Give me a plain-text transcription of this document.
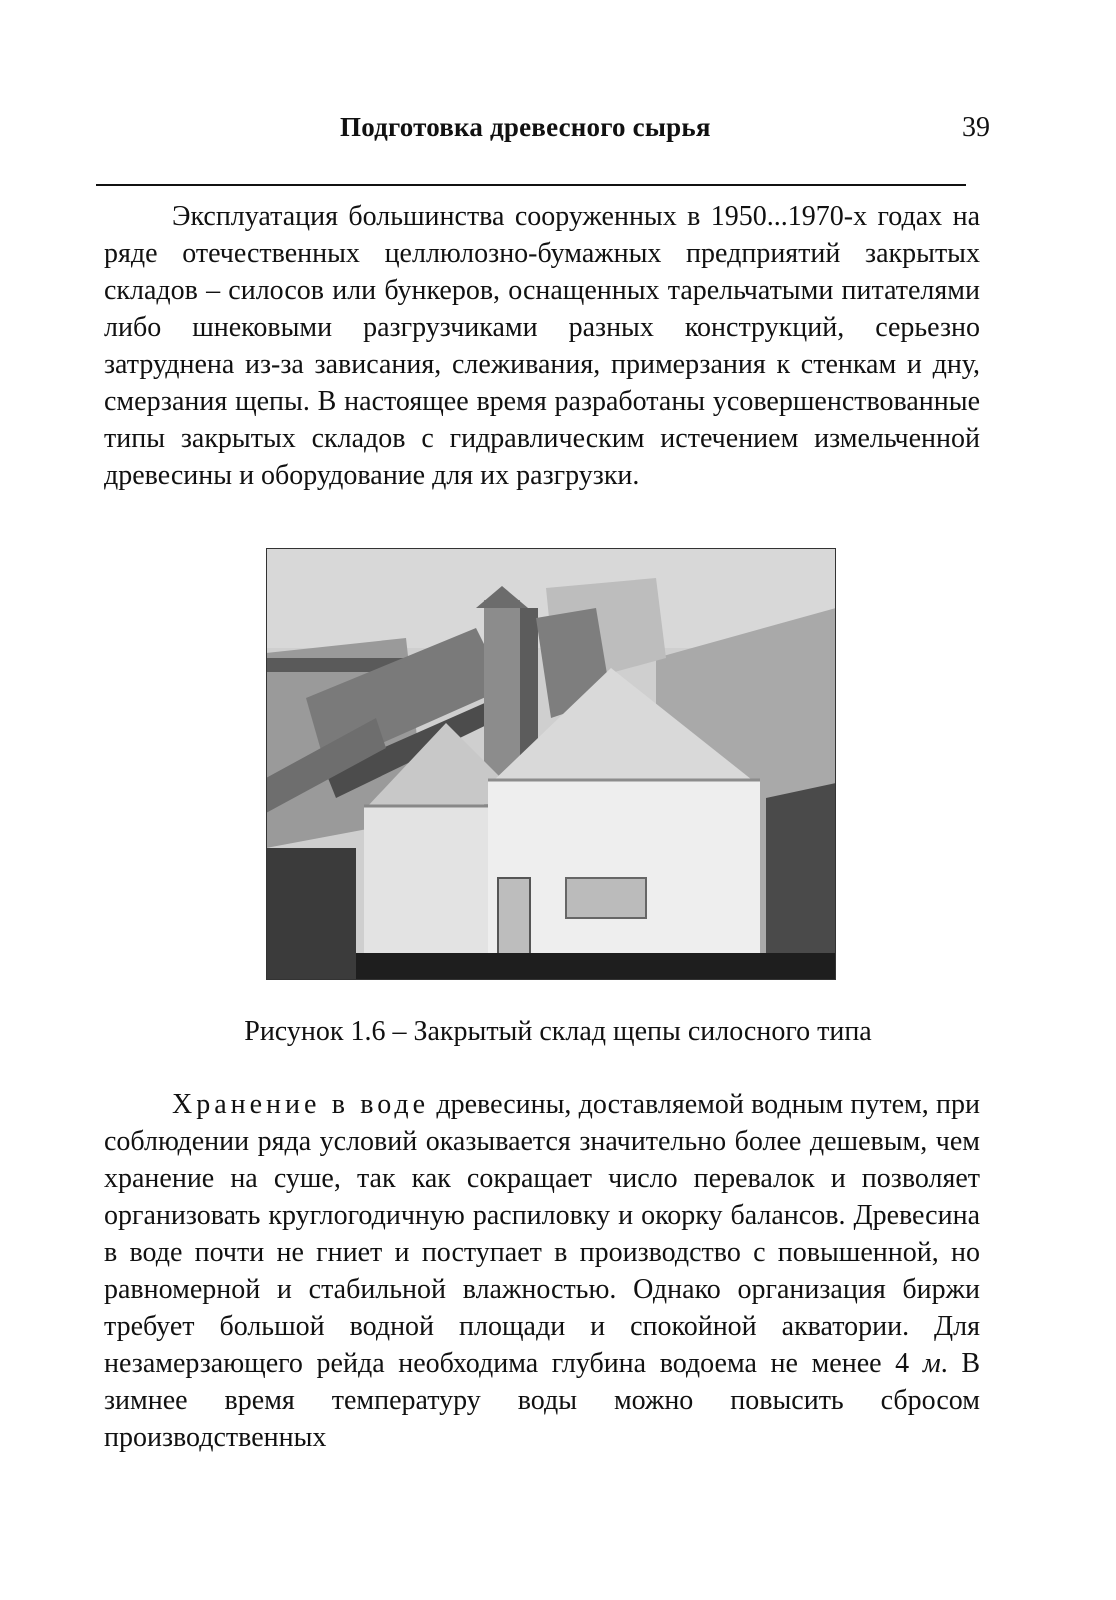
Подготовка древесного сырья	39

Эксплуатация большинства сооруженных в 1950...1970-х годах на ряде отечественных целлюлозно-бумажных предприятий закрытых складов – силосов или бункеров, оснащенных тарельчатыми питателями либо шнековыми разгрузчиками разных конструкций, серьезно затруднена из-за зависания, слеживания, примерзания к стенкам и дну, смерзания щепы. В настоящее время разработаны усовершенствованные типы закрытых складов с гидравлическим истечением измельченной древесины и оборудование для их разгрузки.

Рисунок 1.6 – Закрытый склад щепы силосного типа

Хранение в воде древесины, доставляемой водным путем, при соблюдении ряда условий оказывается значительно более дешевым, чем хранение на суше, так как сокращает число перевалок и позволяет организовать круглогодичную распиловку и окорку балансов. Древесина в воде почти не гниет и поступает в производство с повышенной, но равномерной и стабильной влажностью. Однако организация биржи требует большой водной площади и спокойной акватории. Для незамерзающего рейда необходима глубина водоема не менее 4 м. В зимнее время температуру воды можно повысить сбросом производственных
